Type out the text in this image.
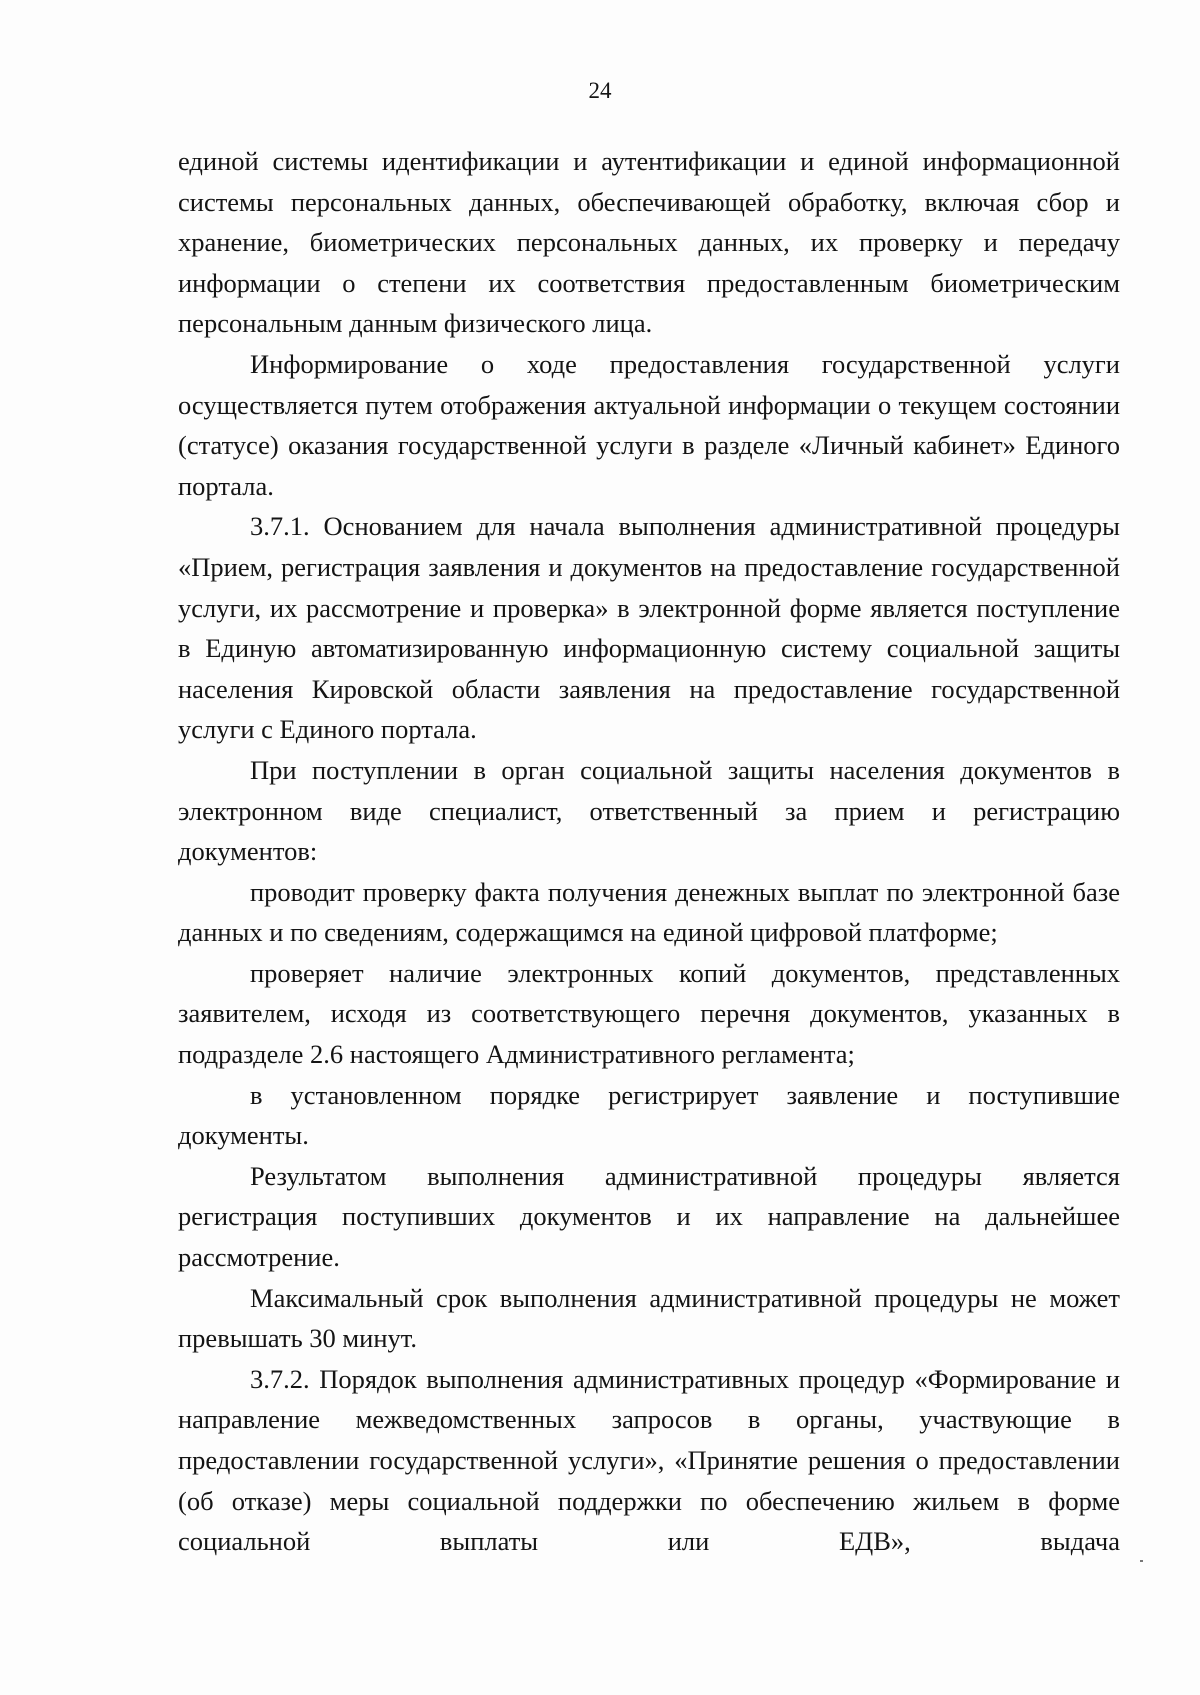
24

единой системы идентификации и аутентификации и единой информационной системы персональных данных, обеспечивающей обработку, включая сбор и хранение, биометрических персональных данных, их проверку и передачу информации о степени их соответствия предоставленным биометрическим персональным данным физического лица.

Информирование о ходе предоставления государственной услуги осуществляется путем отображения актуальной информации о текущем состоянии (статусе) оказания государственной услуги в разделе «Личный кабинет» Единого портала.

3.7.1. Основанием для начала выполнения административной процедуры «Прием, регистрация заявления и документов на предоставление государственной услуги, их рассмотрение и проверка» в электронной форме является поступление в Единую автоматизированную информационную систему социальной защиты населения Кировской области заявления на предоставление государственной услуги с Единого портала.

При поступлении в орган социальной защиты населения документов в электронном виде специалист, ответственный за прием и регистрацию документов:

проводит проверку факта получения денежных выплат по электронной базе данных и по сведениям, содержащимся на единой цифровой платформе;

проверяет наличие электронных копий документов, представленных заявителем, исходя из соответствующего перечня документов, указанных в подразделе 2.6 настоящего Административного регламента;

в установленном порядке регистрирует заявление и поступившие документы.

Результатом выполнения административной процедуры является регистрация поступивших документов и их направление на дальнейшее рассмотрение.

Максимальный срок выполнения административной процедуры не может превышать 30 минут.

3.7.2. Порядок выполнения административных процедур «Формирование и направление межведомственных запросов в органы, участвующие в предоставлении государственной услуги», «Принятие решения о предоставлении (об отказе) меры социальной поддержки по обеспечению жильем в форме социальной выплаты или ЕДВ», выдача
